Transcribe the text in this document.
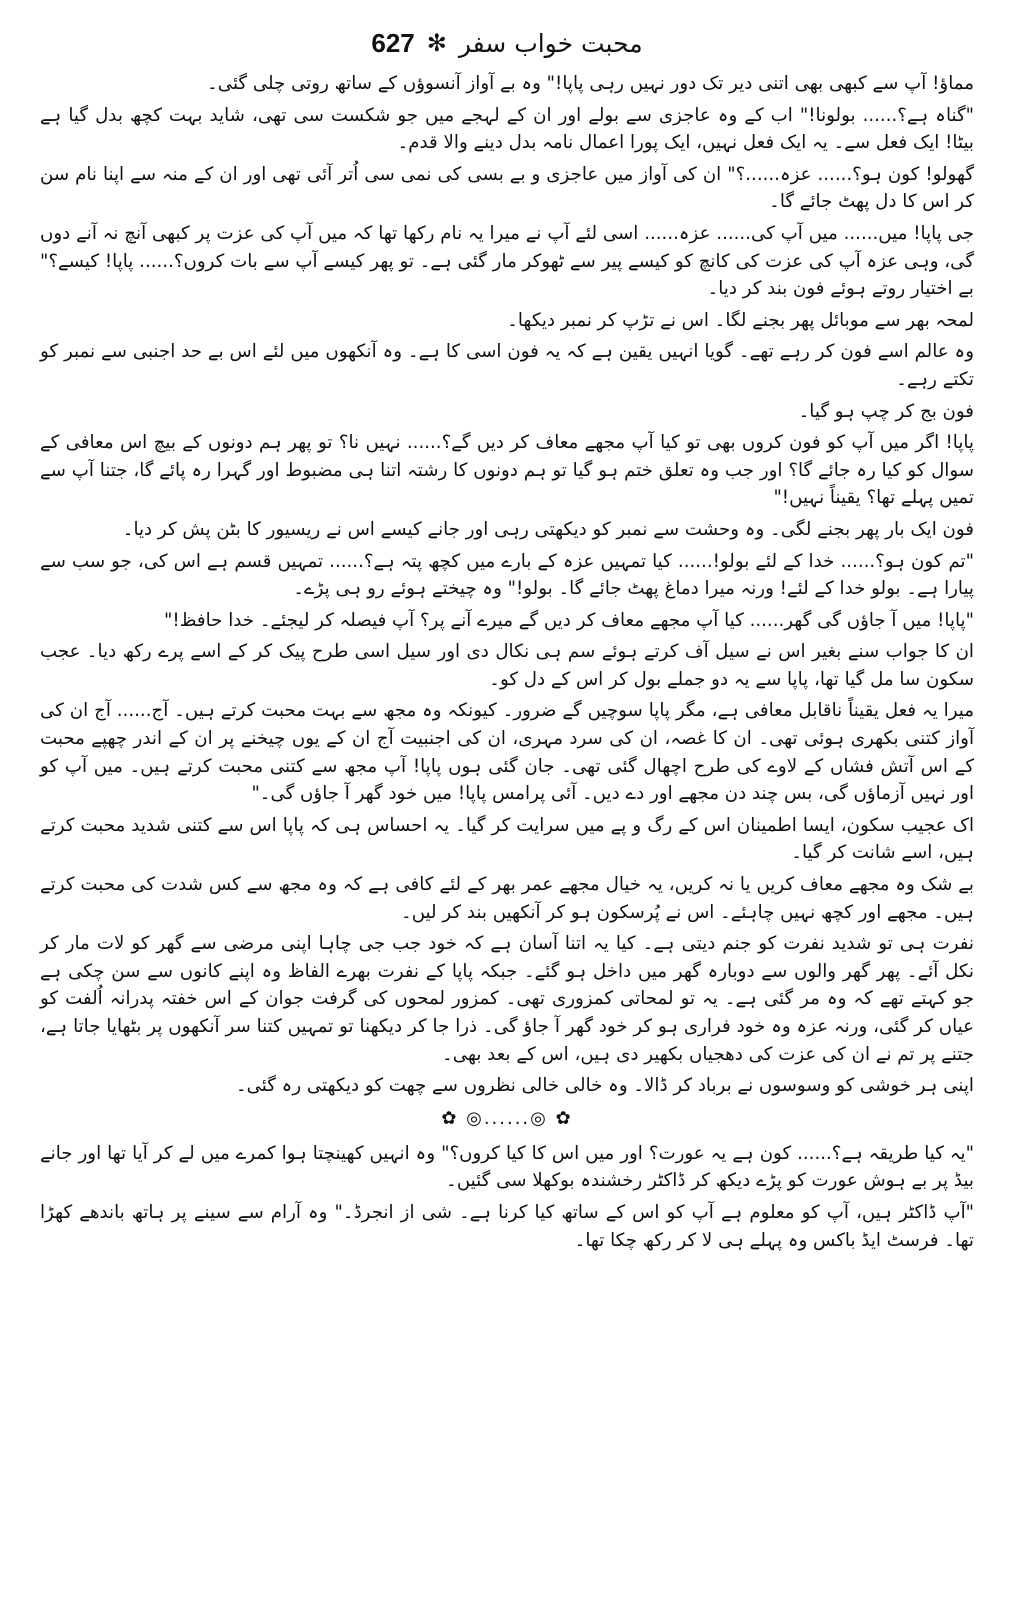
محبت خواب سفر
✻
627

مماؤ! آپ سے کبھی بھی اتنی دیر تک دور نہیں رہی پاپا!" وہ بے آواز آنسوؤں کے ساتھ روتی چلی گئی۔

"گناہ ہے؟...... بولونا!" اب کے وہ عاجزی سے بولے اور ان کے لہجے میں جو شکست سی تھی، شاید بہت کچھ بدل گیا ہے بیٹا! ایک فعل سے۔ یہ ایک فعل نہیں، ایک پورا اعمال نامہ بدل دینے والا قدم۔

گھولو! کون ہو؟...... عزہ......؟" ان کی آواز میں عاجزی و بے بسی کی نمی سی اُتر آئی تھی اور ان کے منہ سے اپنا نام سن کر اس کا دل پھٹ جائے گا۔

جی پاپا! میں...... میں آپ کی...... عزہ...... اسی لئے آپ نے میرا یہ نام رکھا تھا کہ میں آپ کی عزت پر کبھی آنچ نہ آنے دوں گی، وہی عزہ آپ کی عزت کی کانچ کو کیسے پیر سے ٹھوکر مار گئی ہے۔ تو پھر کیسے آپ سے بات کروں؟...... پاپا! کیسے؟" بے اختیار روتے ہوئے فون بند کر دیا۔

لمحہ بھر سے موبائل پھر بجنے لگا۔ اس نے تڑپ کر نمبر دیکھا۔

وہ عالم اسے فون کر رہے تھے۔ گویا انہیں یقین ہے کہ یہ فون اسی کا ہے۔ وہ آنکھوں میں لئے اس بے حد اجنبی سے نمبر کو تکتے رہے۔

فون بج کر چپ ہو گیا۔

پاپا! اگر میں آپ کو فون کروں بھی تو کیا آپ مجھے معاف کر دیں گے؟...... نہیں نا؟ تو پھر ہم دونوں کے بیچ اس معافی کے سوال کو کیا رہ جائے گا؟ اور جب وہ تعلق ختم ہو گیا تو ہم دونوں کا رشتہ اتنا ہی مضبوط اور گہرا رہ پائے گا، جتنا آپ سے تمیں پہلے تھا؟ یقیناً نہیں!"

فون ایک بار پھر بجنے لگی۔ وہ وحشت سے نمبر کو دیکھتی رہی اور جانے کیسے اس نے ریسیور کا بٹن پش کر دیا۔

"تم کون ہو؟...... خدا کے لئے بولو!...... کیا تمہیں عزہ کے بارے میں کچھ پتہ ہے؟...... تمہیں قسم ہے اس کی، جو سب سے پیارا ہے۔ بولو خدا کے لئے! ورنہ میرا دماغ پھٹ جائے گا۔ بولو!" وہ چیختے ہوئے رو ہی پڑے۔

"پاپا! میں آ جاؤں گی گھر...... کیا آپ مجھے معاف کر دیں گے میرے آنے پر؟ آپ فیصلہ کر لیجئے۔ خدا حافظ!"

ان کا جواب سنے بغیر اس نے سیل آف کرتے ہوئے سم ہی نکال دی اور سیل اسی طرح پیک کر کے اسے پرے رکھ دیا۔ عجب سکون سا مل گیا تھا، پاپا سے یہ دو جملے بول کر اس کے دل کو۔

میرا یہ فعل یقیناً ناقابل معافی ہے، مگر پاپا سوچیں گے ضرور۔ کیونکہ وہ مجھ سے بہت محبت کرتے ہیں۔ آج...... آج ان کی آواز کتنی بکھری ہوئی تھی۔ ان کا غصہ، ان کی سرد مہری، ان کی اجنبیت آج ان کے یوں چیخنے پر ان کے اندر چھپے محبت کے اس آتش فشاں کے لاوے کی طرح اچھال گئی تھی۔ جان گئی ہوں پاپا! آپ مجھ سے کتنی محبت کرتے ہیں۔ میں آپ کو اور نہیں آزماؤں گی، بس چند دن مجھے اور دے دیں۔ آئی پرامس پاپا! میں خود گھر آ جاؤں گی۔"

اک عجیب سکون، ایسا اطمینان اس کے رگ و پے میں سرایت کر گیا۔ یہ احساس ہی کہ پاپا اس سے کتنی شدید محبت کرتے ہیں، اسے شانت کر گیا۔

بے شک وہ مجھے معاف کریں یا نہ کریں، یہ خیال مجھے عمر بھر کے لئے کافی ہے کہ وہ مجھ سے کس شدت کی محبت کرتے ہیں۔ مجھے اور کچھ نہیں چاہئے۔ اس نے پُرسکون ہو کر آنکھیں بند کر لیں۔

نفرت ہی تو شدید نفرت کو جنم دیتی ہے۔ کیا یہ اتنا آسان ہے کہ خود جب جی چاہا اپنی مرضی سے گھر کو لات مار کر نکل آئے۔ پھر گھر والوں سے دوبارہ گھر میں داخل ہو گئے۔ جبکہ پاپا کے نفرت بھرے الفاظ وہ اپنے کانوں سے سن چکی ہے جو کہتے تھے کہ وہ مر گئی ہے۔ یہ تو لمحاتی کمزوری تھی۔ کمزور لمحوں کی گرفت جوان کے اس خفتہ پدرانہ اُلفت کو عیاں کر گئی، ورنہ عزہ وہ خود فراری ہو کر خود گھر آ جاؤ گی۔ ذرا جا کر دیکھنا تو تمہیں کتنا سر آنکھوں پر بٹھایا جاتا ہے، جتنے پر تم نے ان کی عزت کی دھجیاں بکھیر دی ہیں، اس کے بعد بھی۔

اپنی ہر خوشی کو وسوسوں نے برباد کر ڈالا۔ وہ خالی خالی نظروں سے چھت کو دیکھتی رہ گئی۔

✿ ◎......◎ ✿

"یہ کیا طریقہ ہے؟...... کون ہے یہ عورت؟ اور میں اس کا کیا کروں؟" وہ انہیں کھینچتا ہوا کمرے میں لے کر آیا تھا اور جانے بیڈ پر بے ہوش عورت کو پڑے دیکھ کر ڈاکٹر رخشندہ بوکھلا سی گئیں۔

"آپ ڈاکٹر ہیں، آپ کو معلوم ہے آپ کو اس کے ساتھ کیا کرنا ہے۔ شی از انجرڈ۔" وہ آرام سے سینے پر ہاتھ باندھے کھڑا تھا۔ فرسٹ ایڈ باکس وہ پہلے ہی لا کر رکھ چکا تھا۔
